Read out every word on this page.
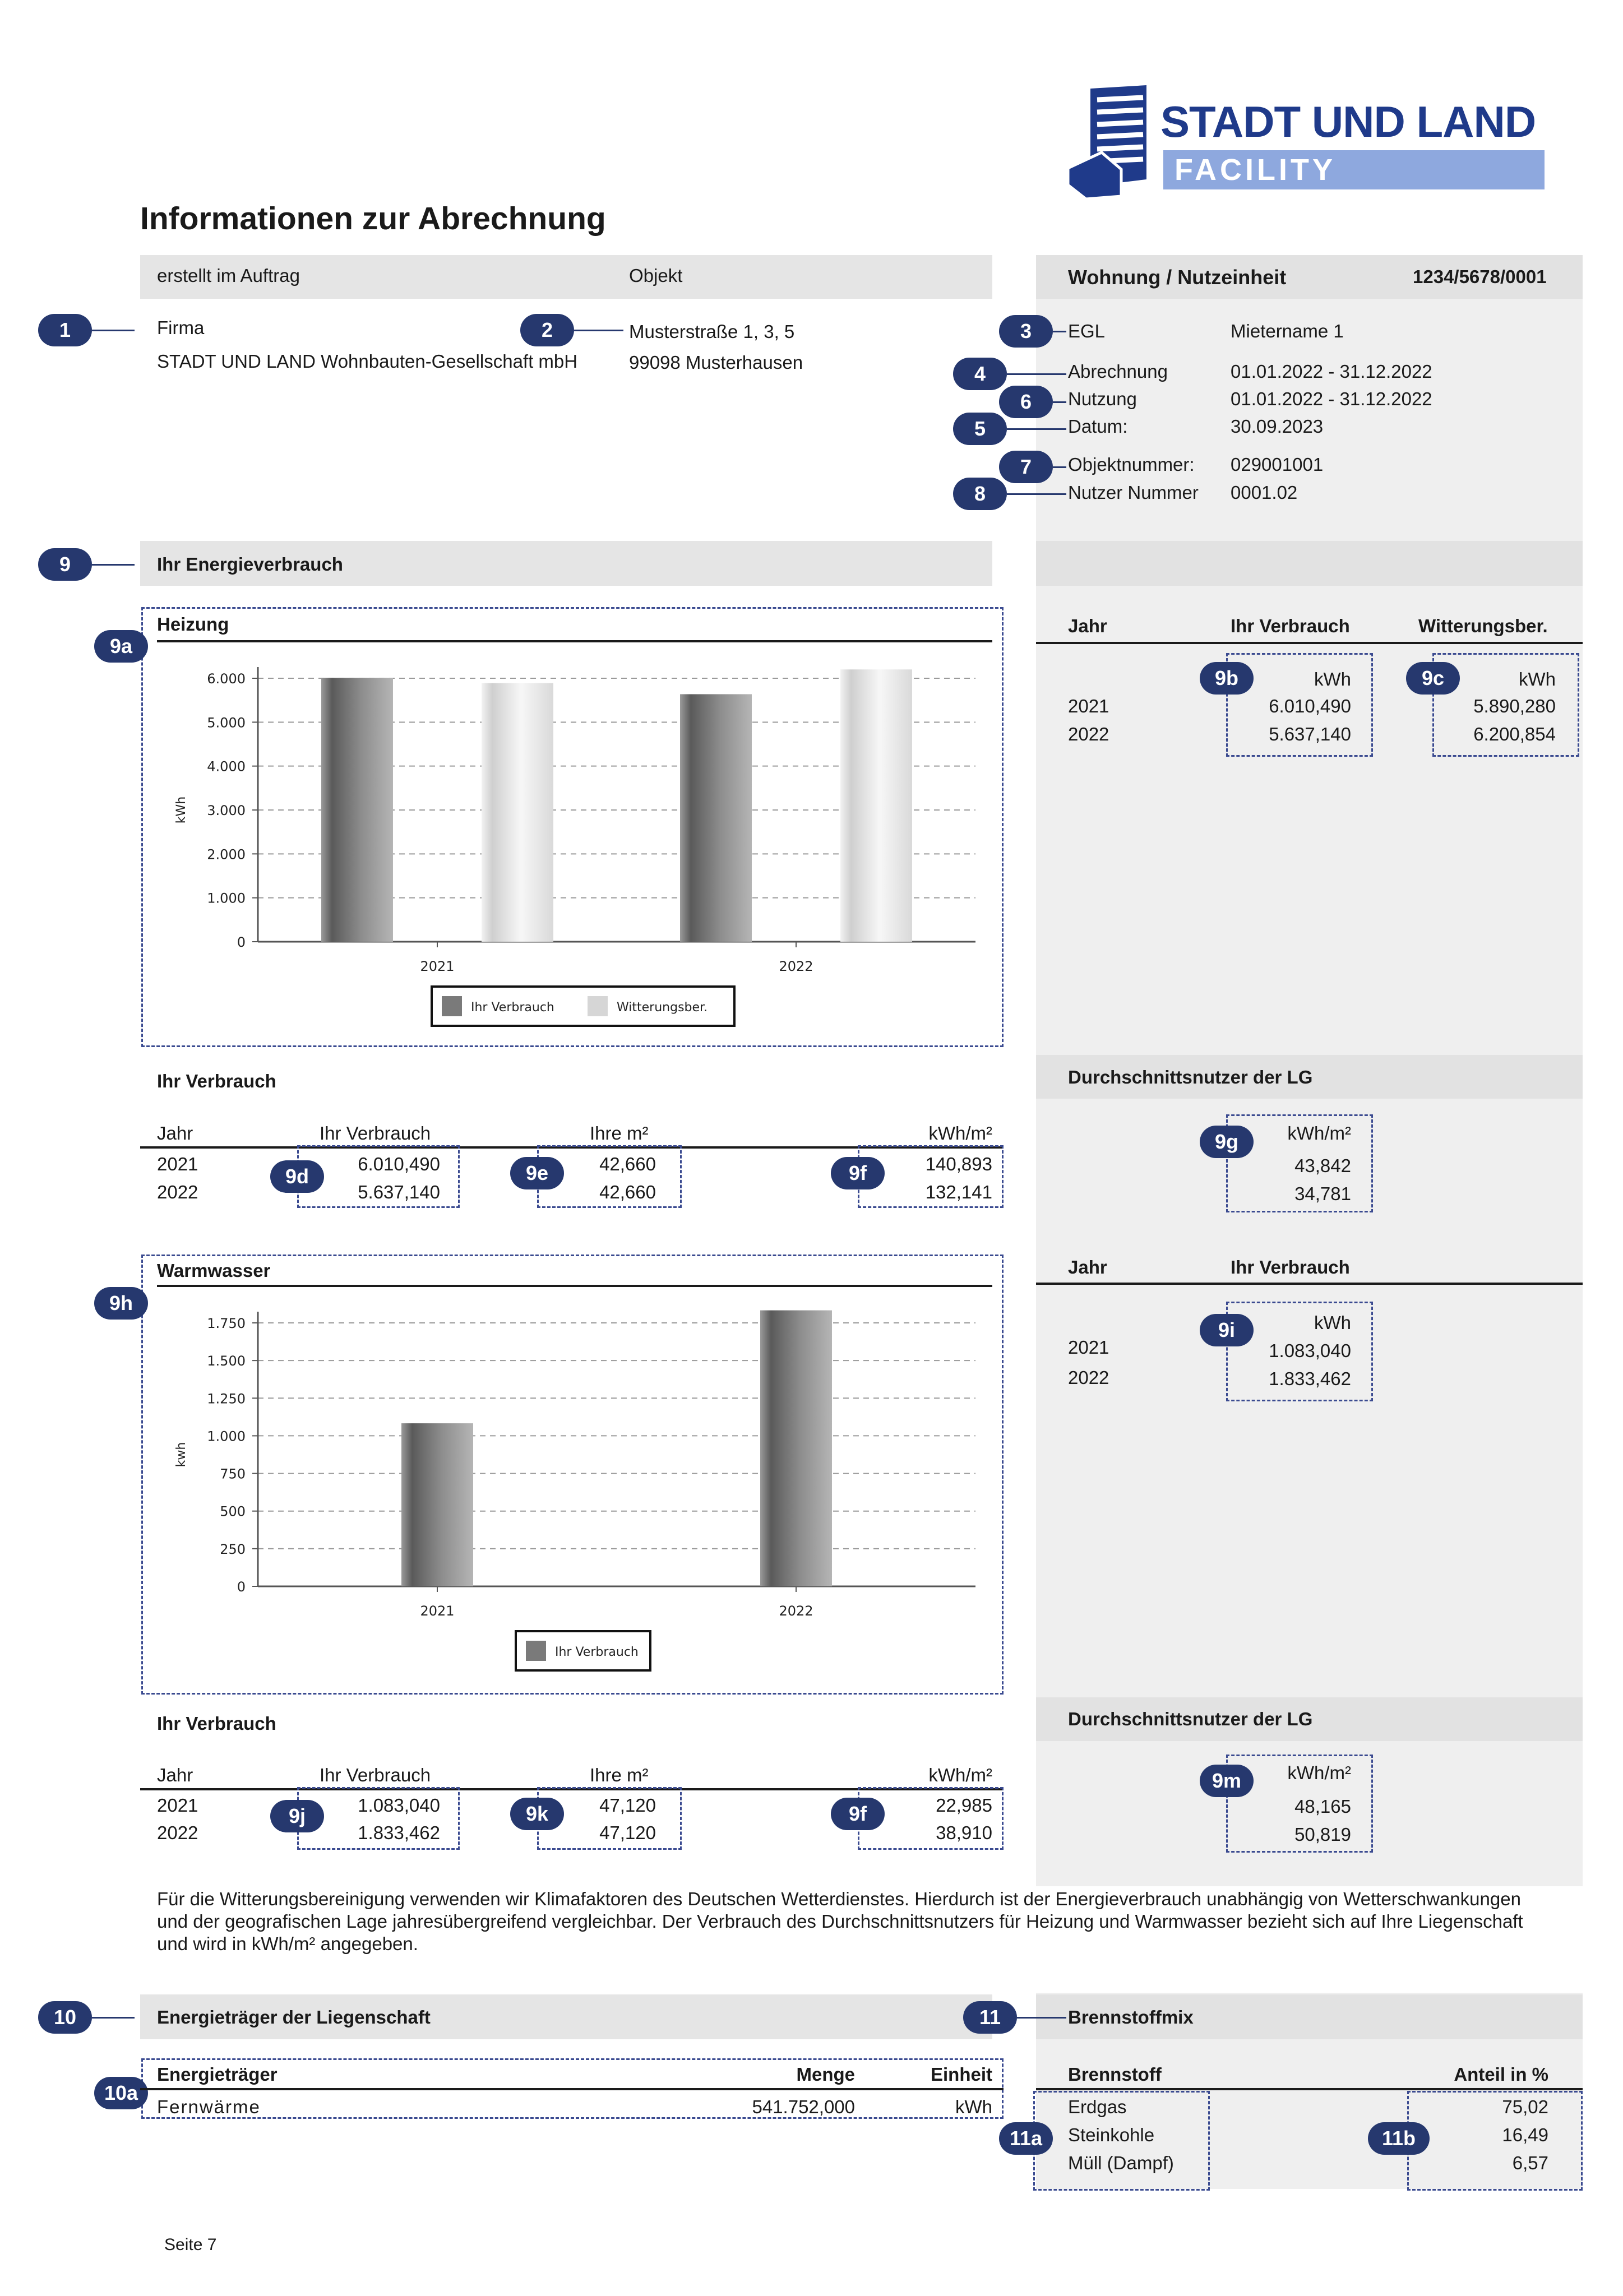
STADT UND LAND
FACILITY
Informationen zur Abrechnung
erstellt im Auftrag	Objekt	Wohnung / Nutzeinheit	1234/5678/0001
1	Firma
STADT UND LAND Wohnbauten-Gesellschaft mbH
2	Musterstraße 1, 3, 5
99098 Musterhausen
3	EGL	Mietername 1
4	Abrechnung	01.01.2022 - 31.12.2022
6	Nutzung	01.01.2022 - 31.12.2022
5	Datum:	30.09.2023
7	Objektnummer: 029001001
8	Nutzer Nummer 0001.02
9	Ihr Energieverbrauch
9a
Heizung
0
1.000
2.000
3.000
4.000
5.000
6.000
kWh
2021	2022
Ihr Verbrauch	Witterungsber.
Jahr	Ihr Verbrauch	Witterungsber.
9b	kWh	9c	kWh
2021	6.010,490	5.890,280
2022	5.637,140	6.200,854
Ihr Verbrauch
Jahr	Ihr Verbrauch	Ihre m²	kWh/m²
9d	9e	9f
2021	6.010,490	42,660	140,893
2022	5.637,140	42,660	132,141
Durchschnittsnutzer der LG
9g	kWh/m²
43,842
34,781
9h
Warmwasser
0
250
500
750
1.000
1.250
1.500
1.750
kwh
2021	2022
Ihr Verbrauch
Jahr	Ihr Verbrauch
9i	kWh
2021	1.083,040
2022	1.833,462
Ihr Verbrauch
Jahr	Ihr Verbrauch	Ihre m²	kWh/m²
9j	9k	9f
2021	1.083,040	47,120	22,985
2022	1.833,462	47,120	38,910
Durchschnittsnutzer der LG
9m	kWh/m²
48,165
50,819
Für die Witterungsbereinigung verwenden wir Klimafaktoren des Deutschen Wetterdienstes. Hierdurch ist der Energieverbrauch unabhängig von Wetterschwankungen und der geografischen Lage jahresübergreifend vergleichbar. Der Verbrauch des Durchschnittsnutzers für Heizung und Warmwasser bezieht sich auf Ihre Liegenschaft und wird in kWh/m² angegeben.
10	Energieträger der Liegenschaft
10a
Energieträger	Menge	Einheit
Fernwärme	541.752,000	kWh
11	Brennstoffmix
Brennstoff	Anteil in %
11a	11b
Erdgas	75,02
Steinkohle	16,49
Müll (Dampf)	6,57
Seite 7
